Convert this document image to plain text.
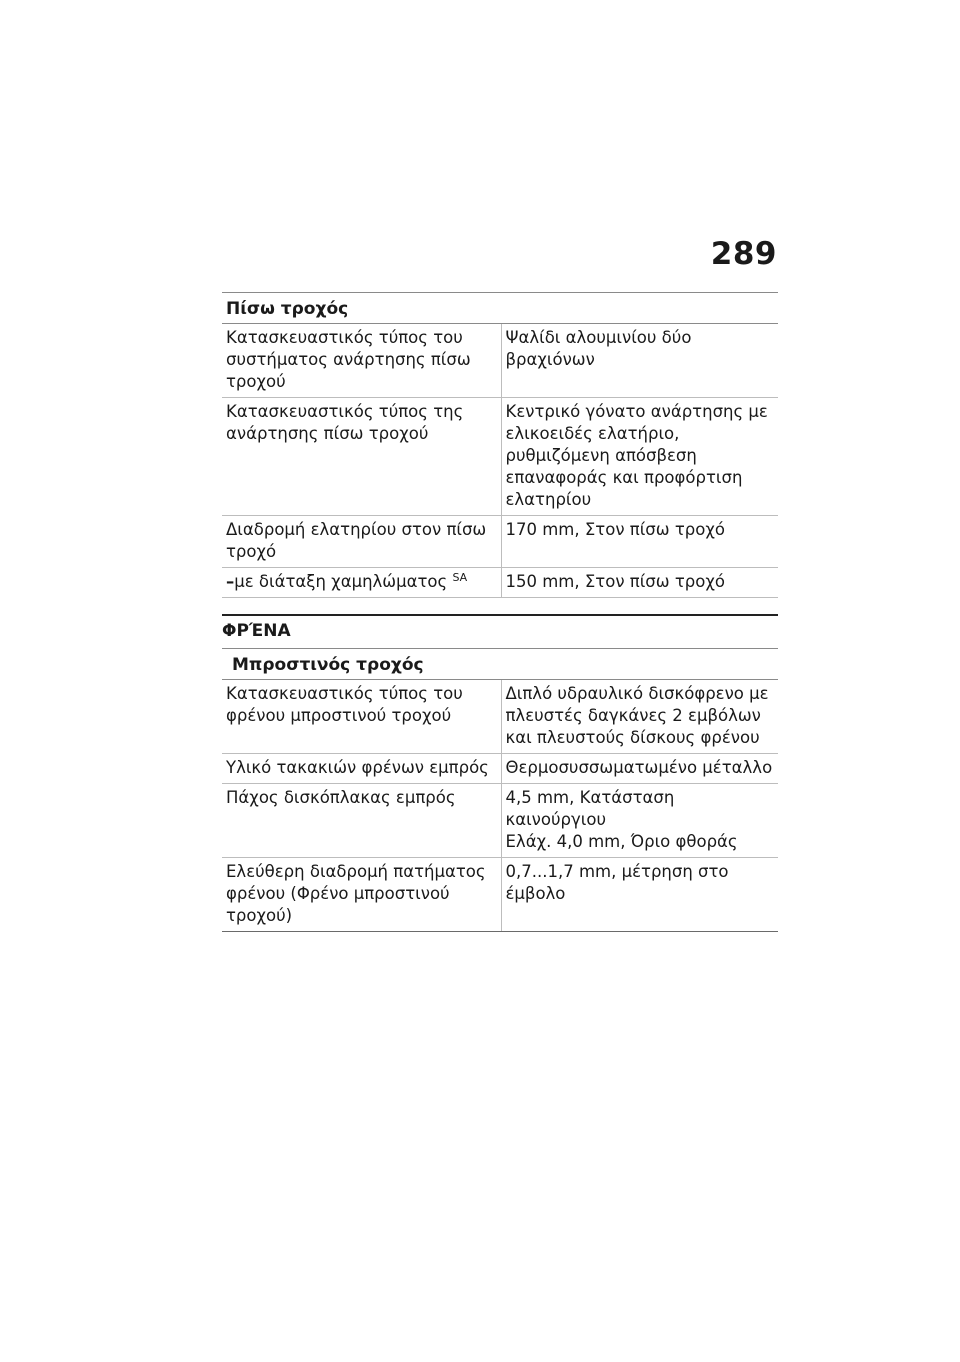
289
Πίσω τροχός	
Κατασκευαστικός τύπος του συστήματος ανάρτησης πίσω τροχού	Ψαλίδι αλουμινίου δύο βραχιόνων
Κατασκευαστικός τύπος της ανάρτησης πίσω τροχού	Κεντρικό γόνατο ανάρτησης με ελικοειδές ελατήριο, ρυθμιζόμενη απόσβεση επαναφοράς και προφόρτιση ελατηρίου
Διαδρομή ελατηρίου στον πίσω τροχό	170 mm, Στον πίσω τροχό
–με διάταξη χαμηλώματος $^{SA}$	150 mm, Στον πίσω τροχό
ΦΡΈΝΑ
Μπροστινός τροχός	
Κατασκευαστικός τύπος του φρένου μπροστινού τροχού	Διπλό υδραυλικό δισκόφρενο με πλευστές δαγκάνες 2 εμβόλων και πλευστούς δίσκους φρένου
Υλικό τακακιών φρένων εμπρός	Θερμοσυσσωματωμένο μέταλλο
Πάχος δισκόπλακας εμπρός	4,5 mm, Κατάσταση καινούργιου
Ελάχ. 4,0 mm, Όριο φθοράς

Ελεύθερη διαδρομή πατήματος φρένου (Φρένο μπροστινού τροχού)	0,7...1,7 mm, μέτρηση στο έμβολο
